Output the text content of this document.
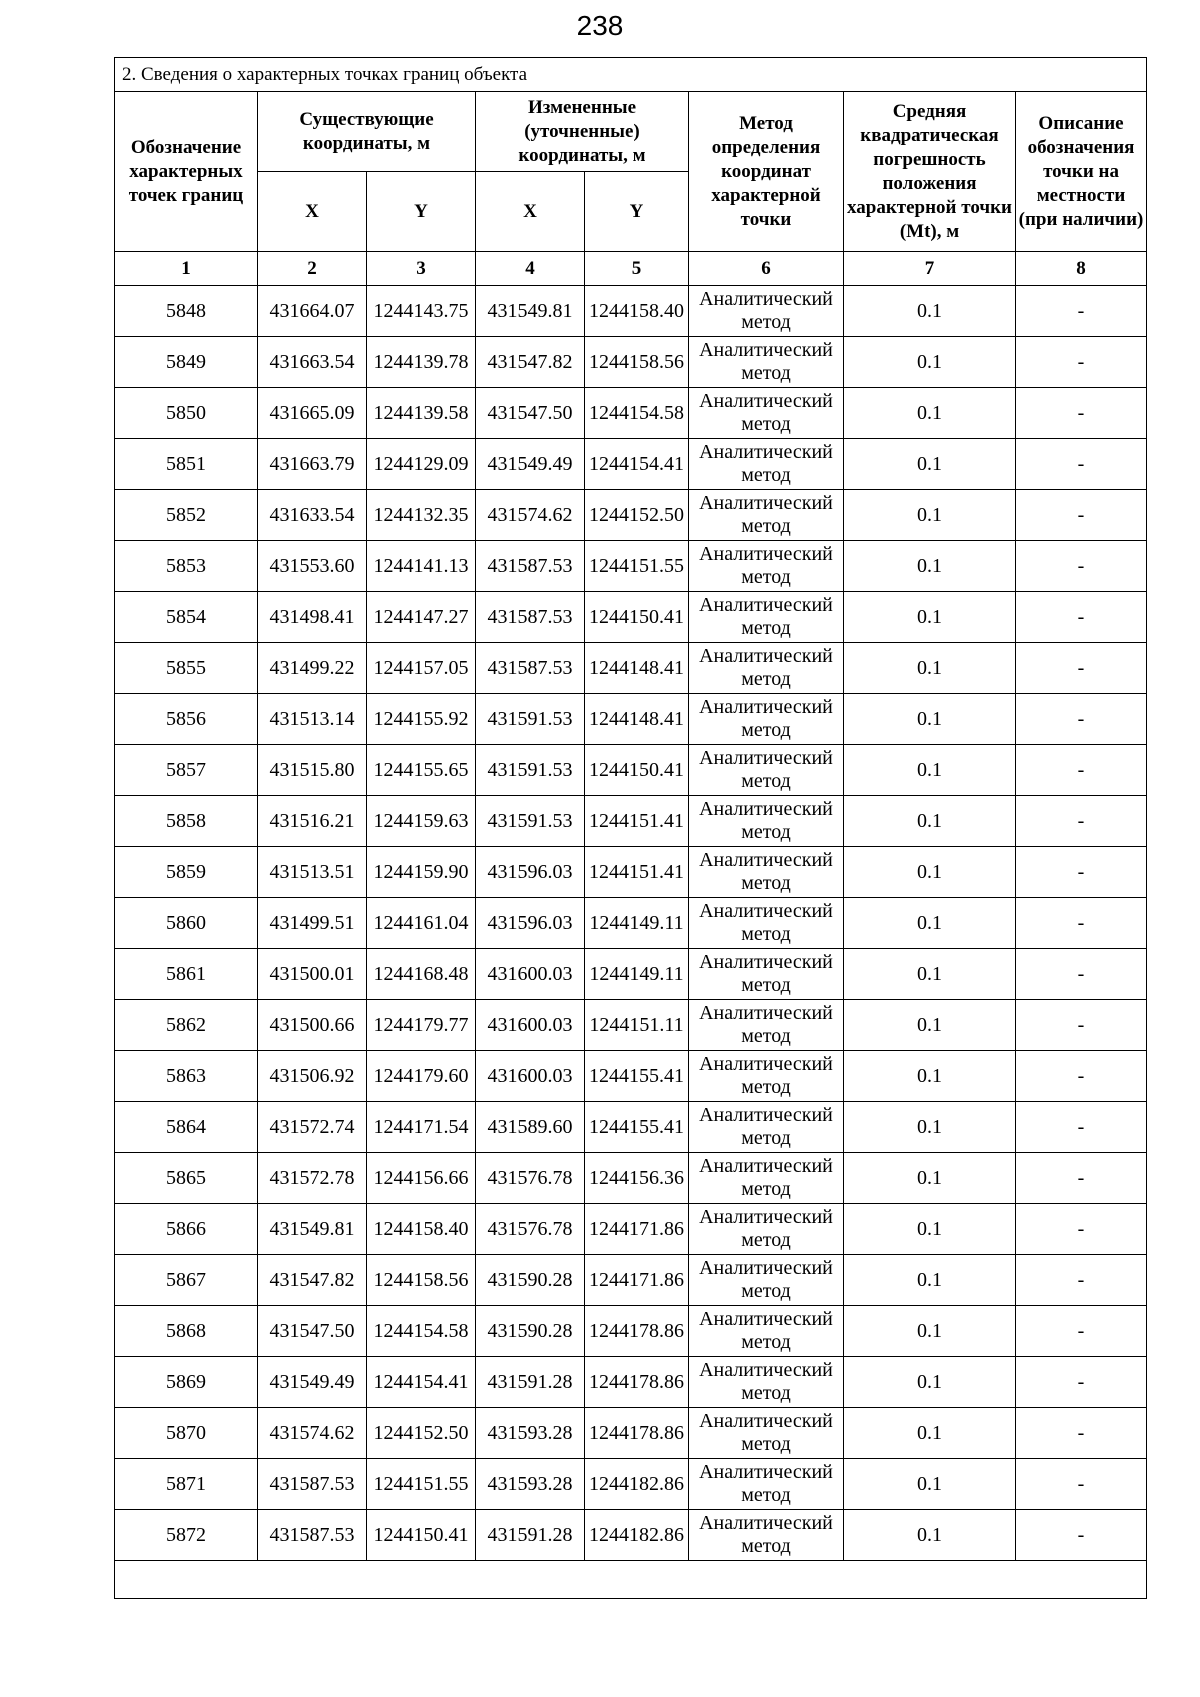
238
2. Сведения о характерных точках границ объекта							
Обозначение характерных точек границ	Существующие координаты, м		Измененные (уточненные) координаты, м		Метод определения координат характерной точки	Средняя квадратическая погрешность положения характерной точки (Mt), м	Описание обозначения точки на местности (при наличии)
	X	Y	X	Y			
1	2	3	4	5	6	7	8
5848	431664.07	1244143.75	431549.81	1244158.40	Аналитический метод	0.1	-
5849	431663.54	1244139.78	431547.82	1244158.56	Аналитический метод	0.1	-
5850	431665.09	1244139.58	431547.50	1244154.58	Аналитический метод	0.1	-
5851	431663.79	1244129.09	431549.49	1244154.41	Аналитический метод	0.1	-
5852	431633.54	1244132.35	431574.62	1244152.50	Аналитический метод	0.1	-
5853	431553.60	1244141.13	431587.53	1244151.55	Аналитический метод	0.1	-
5854	431498.41	1244147.27	431587.53	1244150.41	Аналитический метод	0.1	-
5855	431499.22	1244157.05	431587.53	1244148.41	Аналитический метод	0.1	-
5856	431513.14	1244155.92	431591.53	1244148.41	Аналитический метод	0.1	-
5857	431515.80	1244155.65	431591.53	1244150.41	Аналитический метод	0.1	-
5858	431516.21	1244159.63	431591.53	1244151.41	Аналитический метод	0.1	-
5859	431513.51	1244159.90	431596.03	1244151.41	Аналитический метод	0.1	-
5860	431499.51	1244161.04	431596.03	1244149.11	Аналитический метод	0.1	-
5861	431500.01	1244168.48	431600.03	1244149.11	Аналитический метод	0.1	-
5862	431500.66	1244179.77	431600.03	1244151.11	Аналитический метод	0.1	-
5863	431506.92	1244179.60	431600.03	1244155.41	Аналитический метод	0.1	-
5864	431572.74	1244171.54	431589.60	1244155.41	Аналитический метод	0.1	-
5865	431572.78	1244156.66	431576.78	1244156.36	Аналитический метод	0.1	-
5866	431549.81	1244158.40	431576.78	1244171.86	Аналитический метод	0.1	-
5867	431547.82	1244158.56	431590.28	1244171.86	Аналитический метод	0.1	-
5868	431547.50	1244154.58	431590.28	1244178.86	Аналитический метод	0.1	-
5869	431549.49	1244154.41	431591.28	1244178.86	Аналитический метод	0.1	-
5870	431574.62	1244152.50	431593.28	1244178.86	Аналитический метод	0.1	-
5871	431587.53	1244151.55	431593.28	1244182.86	Аналитический метод	0.1	-
5872	431587.53	1244150.41	431591.28	1244182.86	Аналитический метод	0.1	-
